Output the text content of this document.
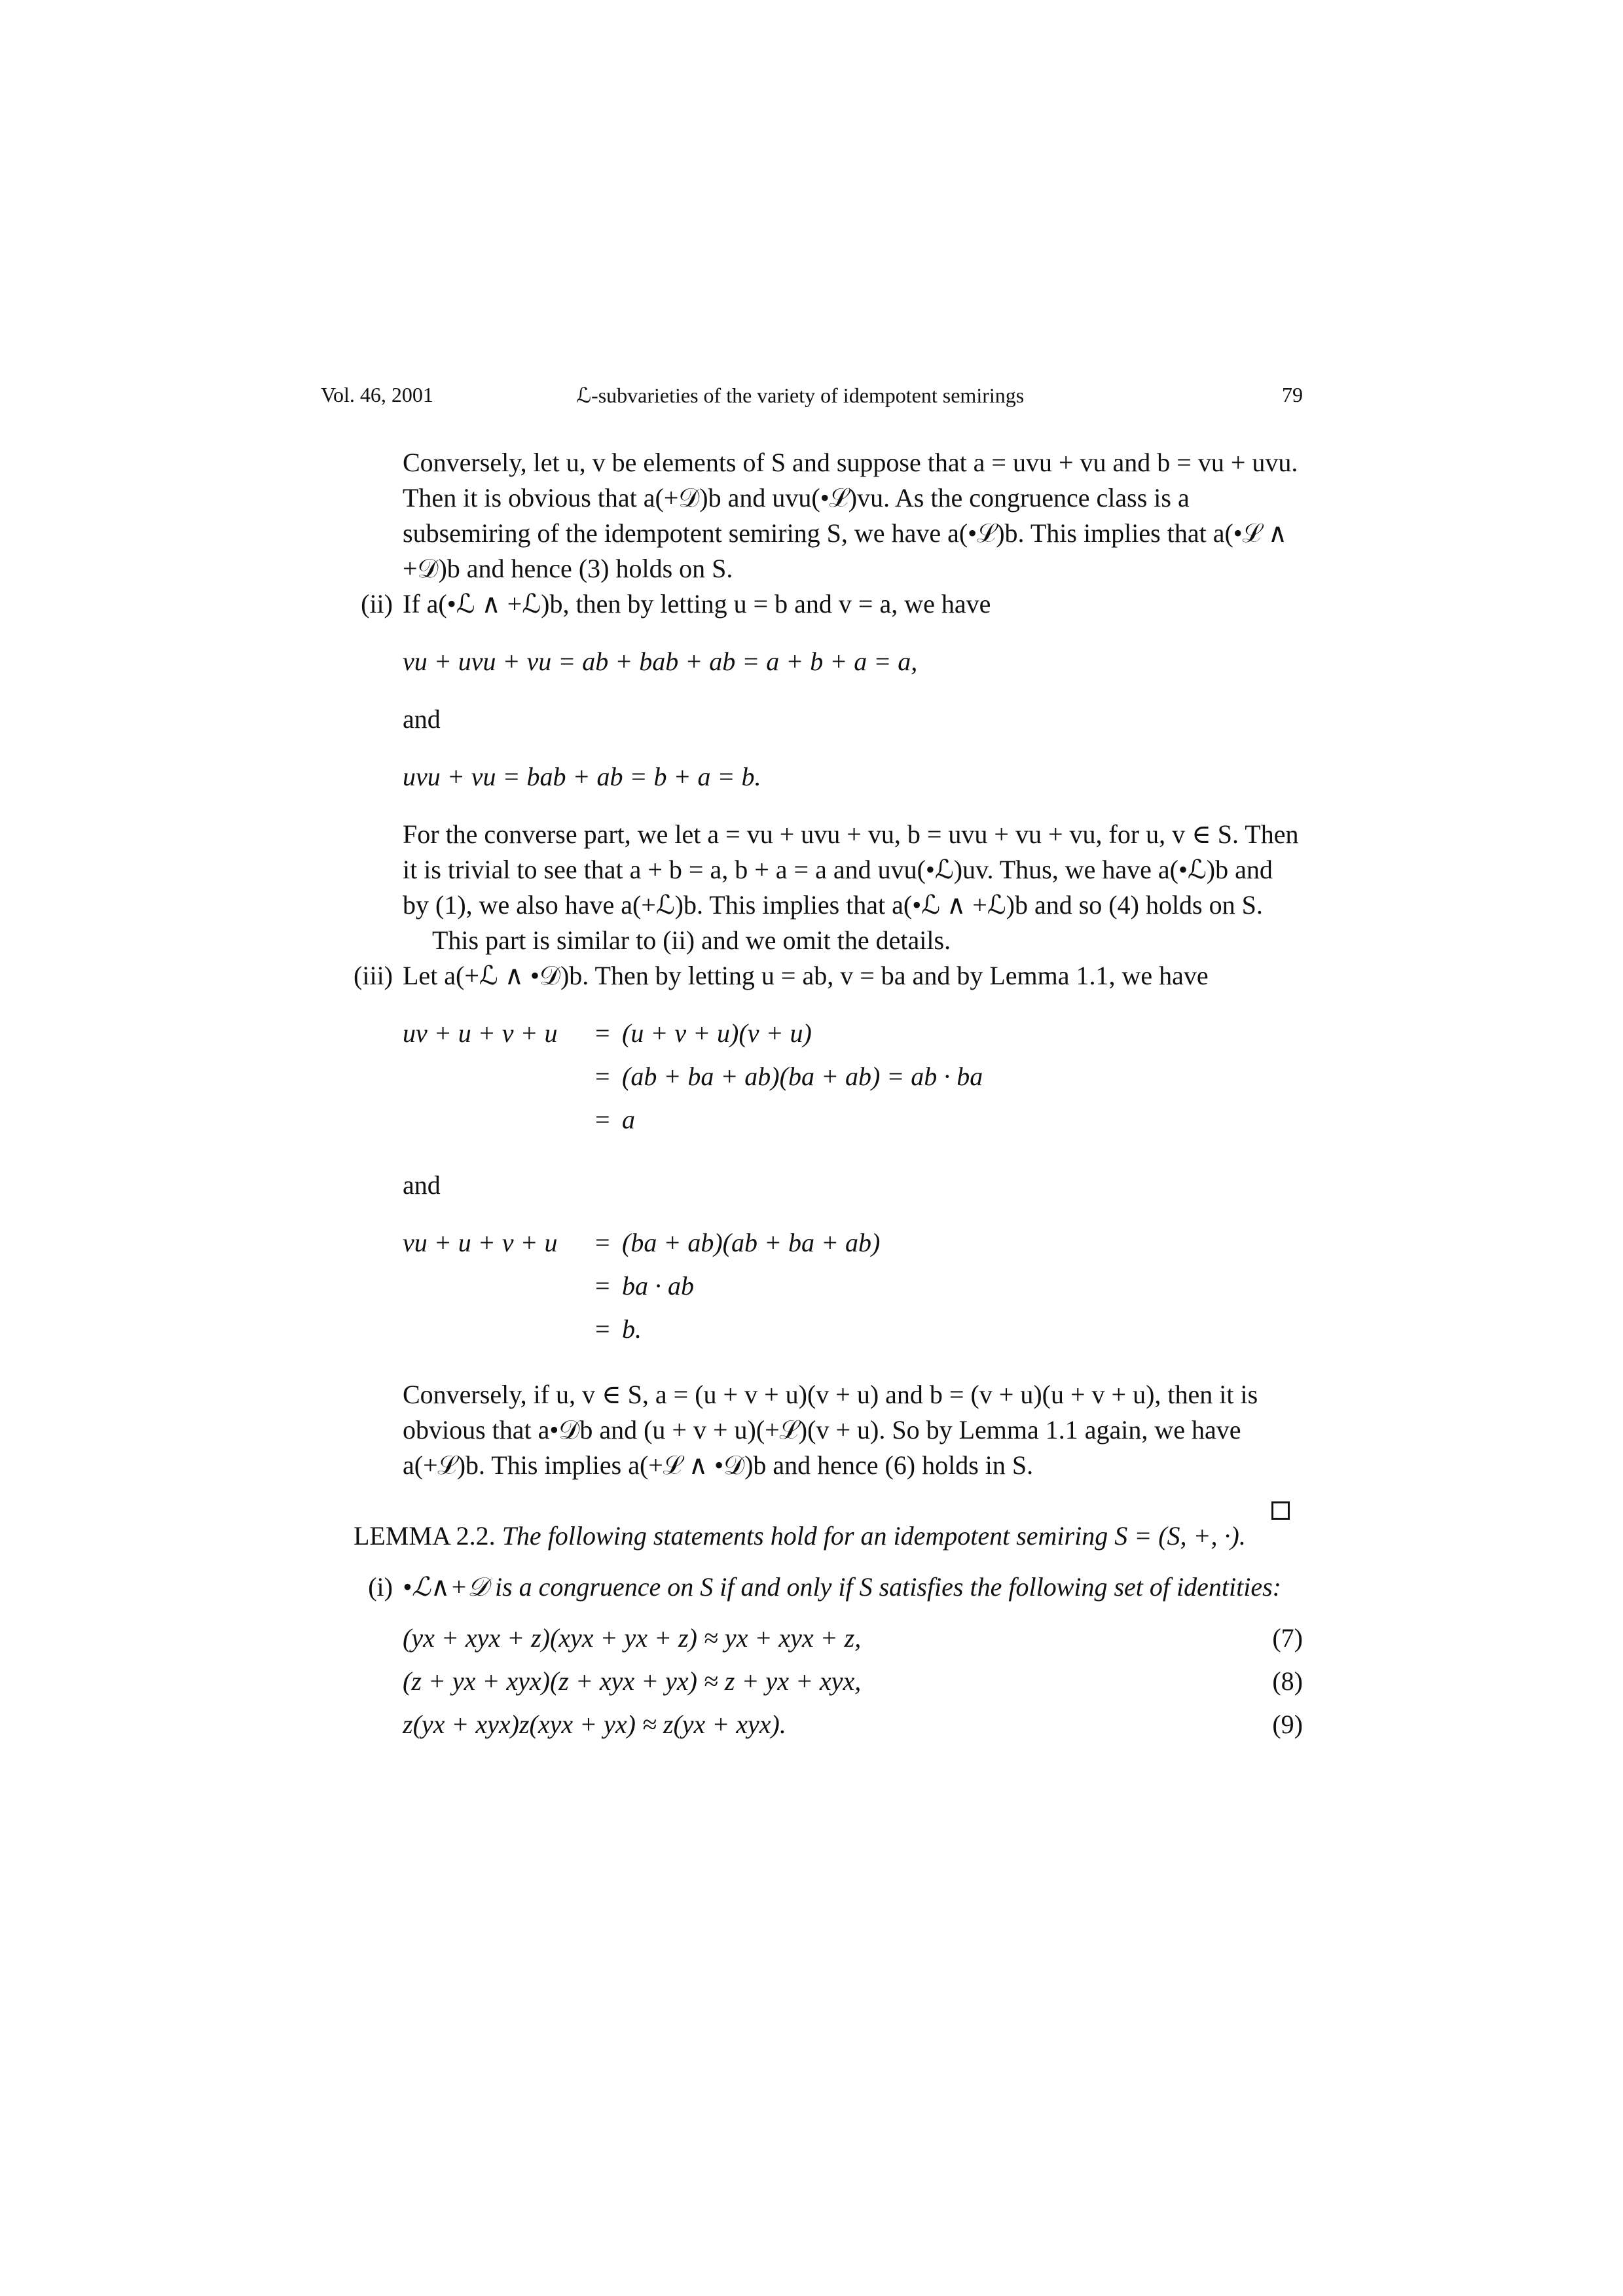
Vol. 46, 2001	ℒ-subvarieties of the variety of idempotent semirings	79

Conversely, let u, v be elements of S and suppose that a = uvu + vu and b = vu + uvu. Then it is obvious that a(+𝒟)b and uvu(•ℒ)vu. As the congruence class is a subsemiring of the idempotent semiring S, we have a(•ℒ)b. This implies that a(•ℒ ∧ +𝒟)b and hence (3) holds on S.

(ii) If a(•ℒ ∧ +ℒ)b, then by letting u = b and v = a, we have

vu + uvu + vu = ab + bab + ab = a + b + a = a,

and

uvu + vu = bab + ab = b + a = b.

For the converse part, we let a = vu + uvu + vu, b = uvu + vu + vu, for u, v ∈ S. Then it is trivial to see that a + b = a, b + a = a and uvu(•ℒ)uv. Thus, we have a(•ℒ)b and by (1), we also have a(+ℒ)b. This implies that a(•ℒ ∧ +ℒ)b and so (4) holds on S.

This part is similar to (ii) and we omit the details.

(iii) Let a(+ℒ ∧ •𝒟)b. Then by letting u = ab, v = ba and by Lemma 1.1, we have
uv + u + v + u	= (u + v + u)(v + u)
= (ab + ba + ab)(ba + ab) = ab · ba
= a

and

vu + u + v + u	= (ba + ab)(ab + ba + ab)
= ba · ab
= b.

Conversely, if u, v ∈ S, a = (u + v + u)(v + u) and b = (v + u)(u + v + u), then it is obvious that a•𝒟b and (u + v + u)(+ℒ)(v + u). So by Lemma 1.1 again, we have a(+ℒ)b. This implies a(+ℒ ∧ •𝒟)b and hence (6) holds in S.

LEMMA 2.2. The following statements hold for an idempotent semiring S = (S, +, ·).

(i) •ℒ∧+𝒟 is a congruence on S if and only if S satisfies the following set of identities:
(yx + xyx + z)(xyx + yx + z) ≈ yx + xyx + z,	(7)
(z + yx + xyx)(z + xyx + yx) ≈ z + yx + xyx,	(8)
z(yx + xyx)z(xyx + yx) ≈ z(yx + xyx).	(9)
